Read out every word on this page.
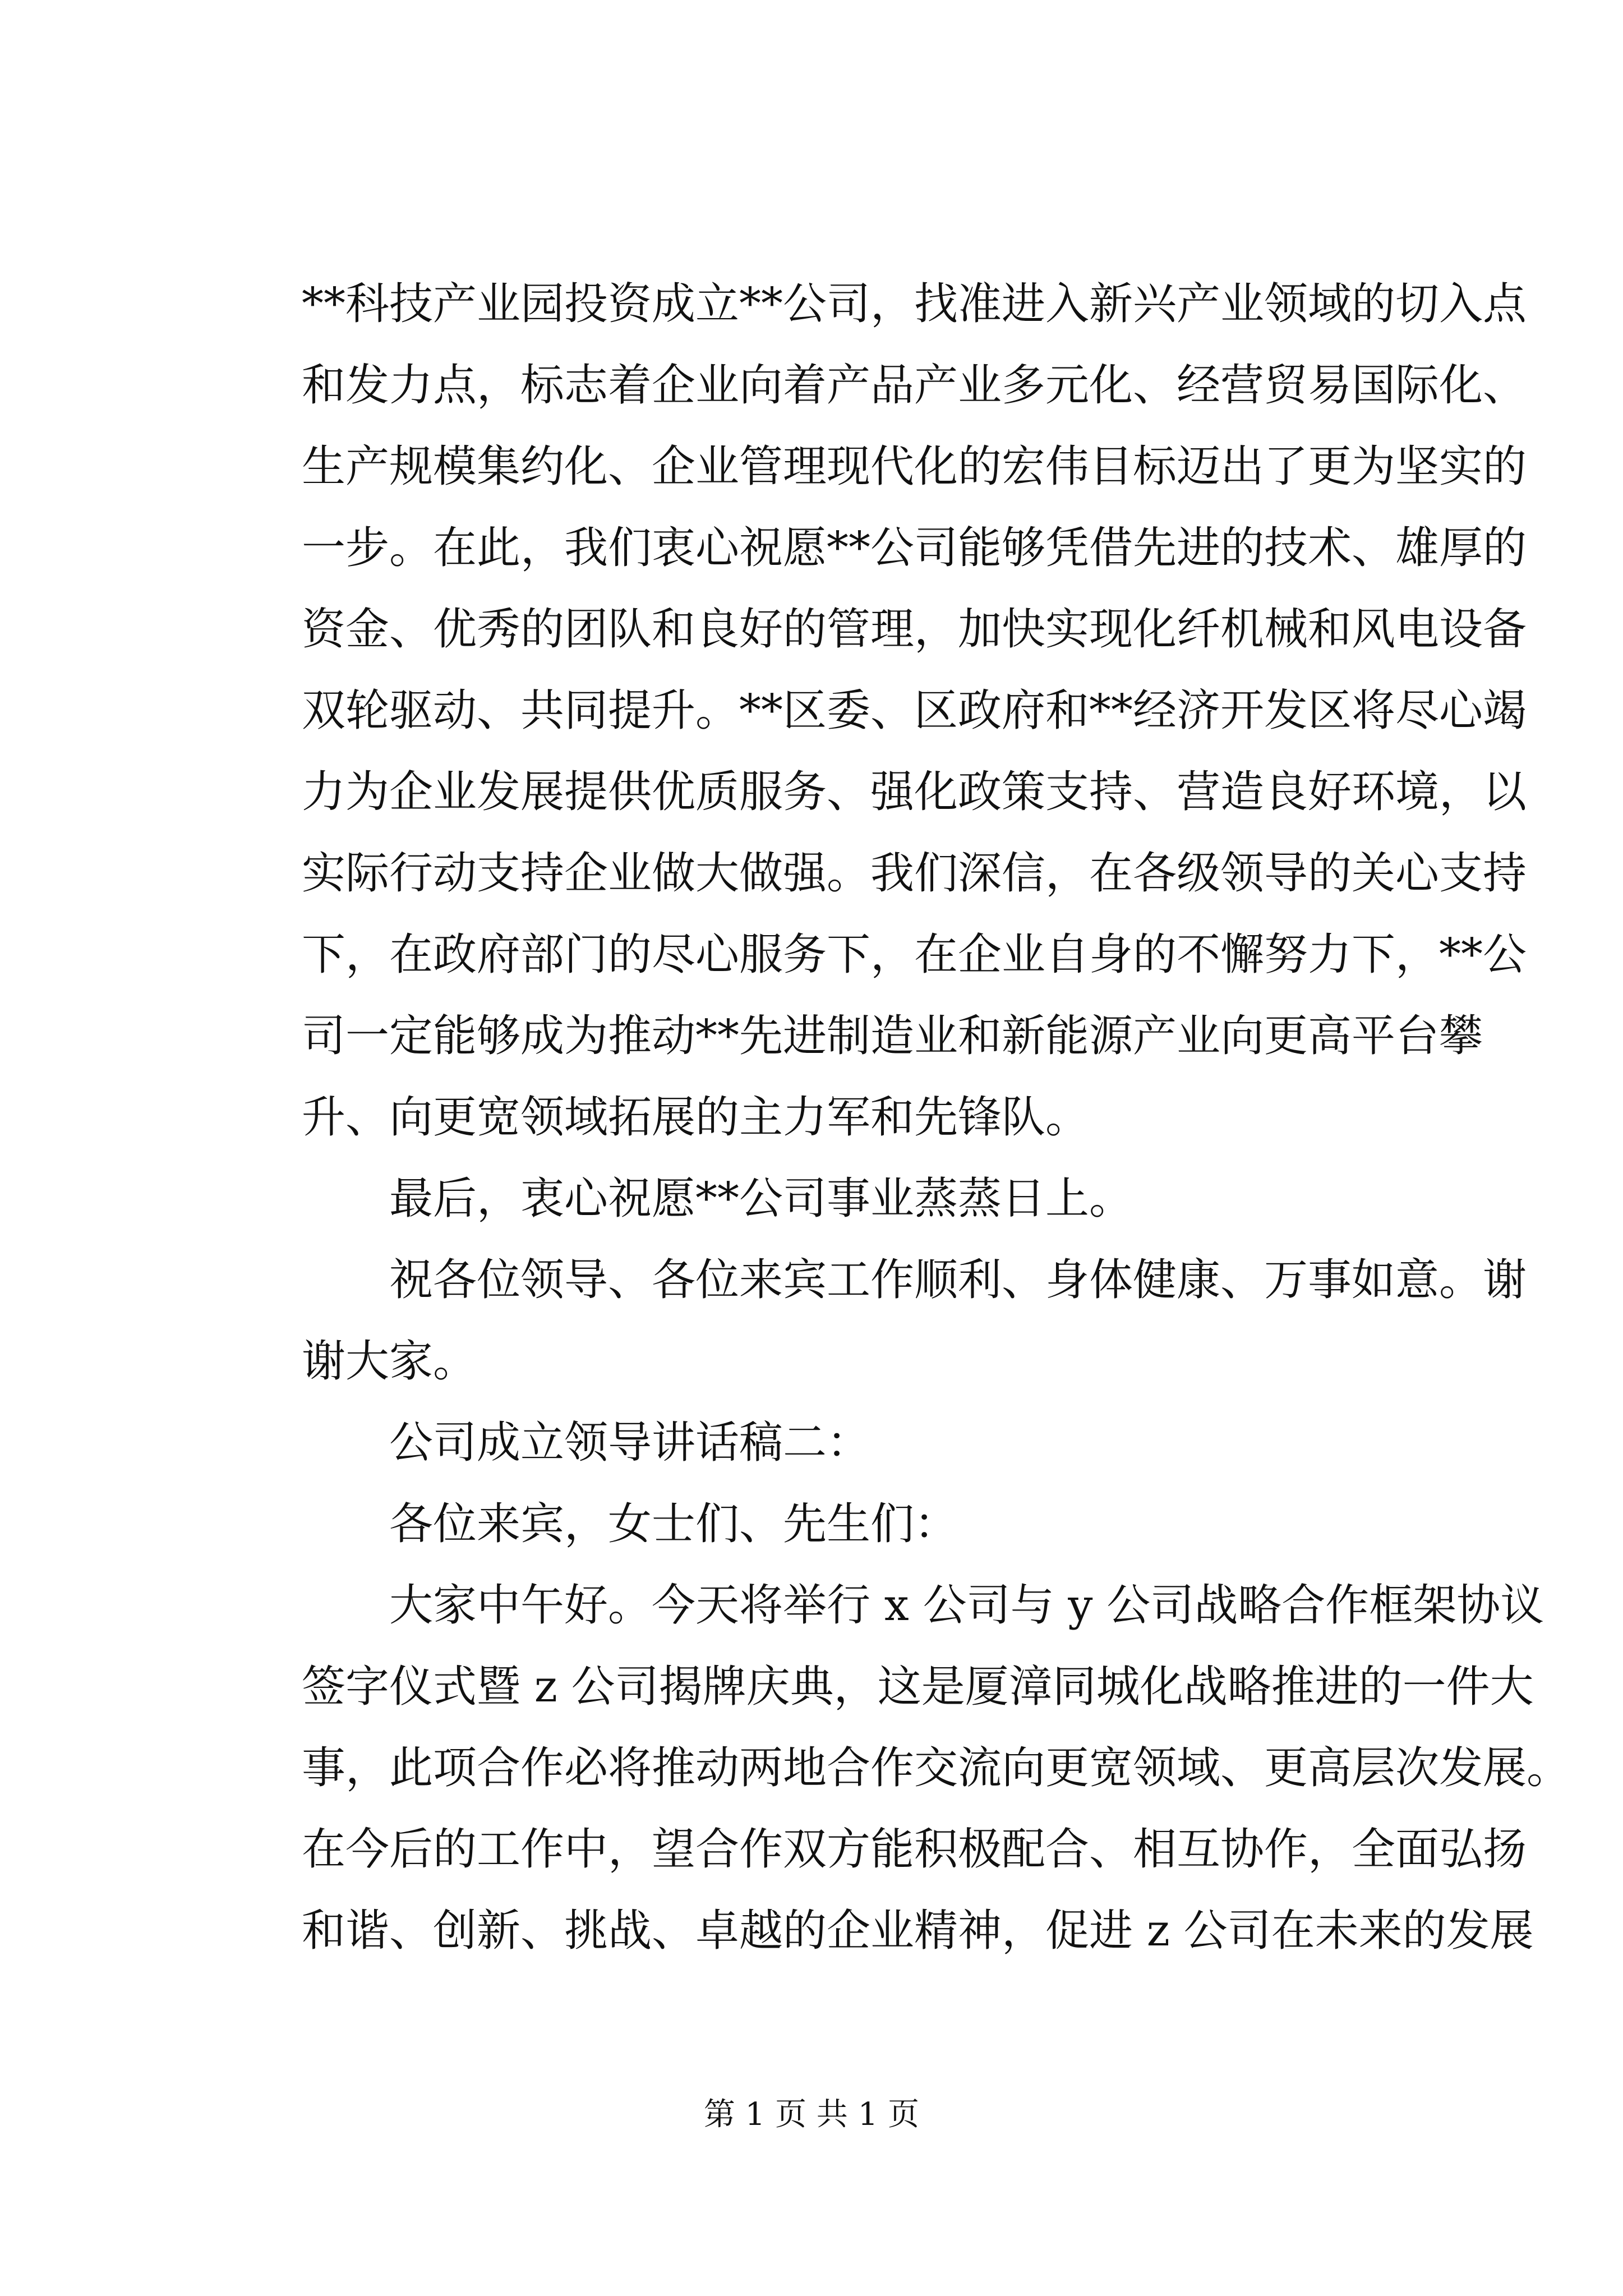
**科技产业园投资成立**公司，找准进入新兴产业领域的切入点
和发力点，标志着企业向着产品产业多元化、经营贸易国际化、
生产规模集约化、企业管理现代化的宏伟目标迈出了更为坚实的
一步。在此，我们衷心祝愿**公司能够凭借先进的技术、雄厚的
资金、优秀的团队和良好的管理，加快实现化纤机械和风电设备
双轮驱动、共同提升。**区委、区政府和**经济开发区将尽心竭
力为企业发展提供优质服务、强化政策支持、营造良好环境，以
实际行动支持企业做大做强。我们深信，在各级领导的关心支持
下，在政府部门的尽心服务下，在企业自身的不懈努力下，**公
司一定能够成为推动**先进制造业和新能源产业向更高平台攀
升、向更宽领域拓展的主力军和先锋队。
最后，衷心祝愿**公司事业蒸蒸日上。
祝各位领导、各位来宾工作顺利、身体健康、万事如意。谢
谢大家。
公司成立领导讲话稿二：
各位来宾，女士们、先生们：
大家中午好。今天将举行 x 公司与 y 公司战略合作框架协议
签字仪式暨 z 公司揭牌庆典，这是厦漳同城化战略推进的一件大
事，此项合作必将推动两地合作交流向更宽领域、更高层次发展。
在今后的工作中，望合作双方能积极配合、相互协作，全面弘扬
和谐、创新、挑战、卓越的企业精神，促进 z 公司在未来的发展
第 1 页 共 1 页
